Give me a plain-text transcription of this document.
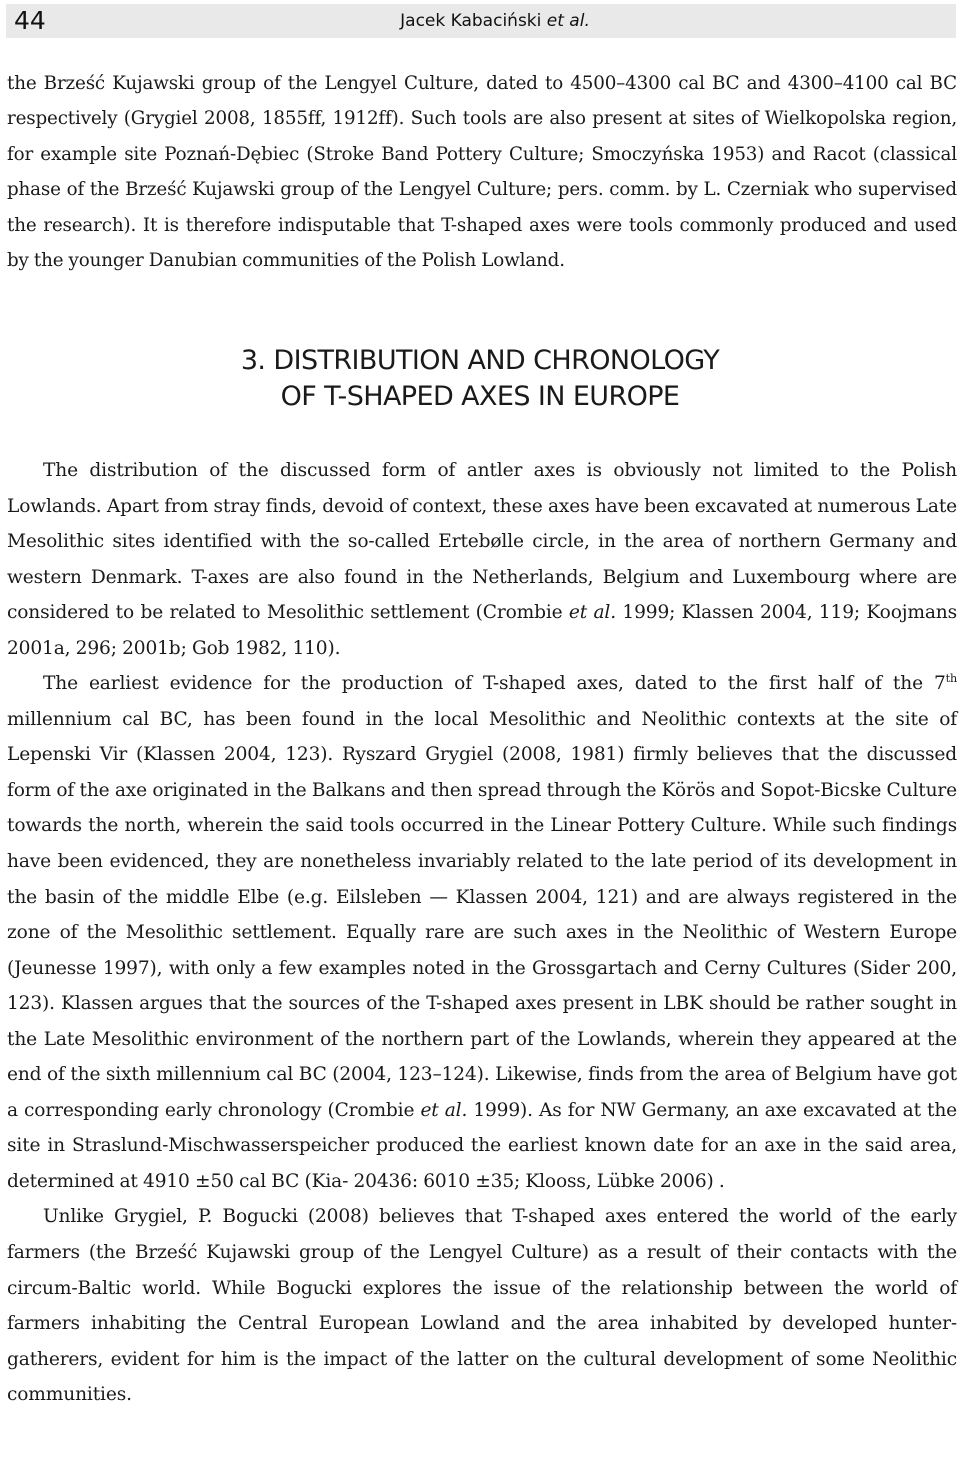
44	Jacek Kabaciński et al.

the Brześć Kujawski group of the Lengyel Culture, dated to 4500–4300 cal BC and 4300–4100 cal BC respectively (Grygiel 2008, 1855ff, 1912ff). Such tools are also present at sites of Wielkopolska region, for example site Poznań-Dębiec (Stroke Band Pottery Culture; Smoczyńska 1953) and Racot (classical phase of the Brześć Kujawski group of the Lengyel Culture; pers. comm. by L. Czerniak who supervised the research). It is therefore indisputable that T-shaped axes were tools commonly produced and used by the younger Danubian communities of the Polish Lowland.

3. DISTRIBUTION AND CHRONOLOGY
OF T-SHAPED AXES IN EUROPE

The distribution of the discussed form of antler axes is obviously not limited to the Polish Lowlands. Apart from stray finds, devoid of context, these axes have been excavated at numerous Late Mesolithic sites identified with the so-called Ertebølle circle, in the area of northern Germany and western Denmark. T-axes are also found in the Netherlands, Belgium and Luxembourg where are considered to be related to Mesolithic settlement (Crombie et al. 1999; Klassen 2004, 119; Koojmans 2001a, 296; 2001b; Gob 1982, 110).

The earliest evidence for the production of T-shaped axes, dated to the first half of the 7th millennium cal BC, has been found in the local Mesolithic and Neolithic contexts at the site of Lepenski Vir (Klassen 2004, 123). Ryszard Grygiel (2008, 1981) firmly believes that the discussed form of the axe originated in the Balkans and then spread through the Körös and Sopot-Bicske Culture towards the north, wherein the said tools occurred in the Linear Pottery Culture. While such findings have been evidenced, they are nonetheless invariably related to the late period of its development in the basin of the middle Elbe (e.g. Eilsleben — Klassen 2004, 121) and are always registered in the zone of the Mesolithic settlement. Equally rare are such axes in the Neolithic of Western Europe (Jeunesse 1997), with only a few examples noted in the Grossgartach and Cerny Cultures (Sider 200, 123). Klassen argues that the sources of the T-shaped axes present in LBK should be rather sought in the Late Mesolithic environment of the northern part of the Lowlands, wherein they appeared at the end of the sixth millennium cal BC (2004, 123–124). Likewise, finds from the area of Belgium have got a corresponding early chronology (Crombie et al. 1999). As for NW Germany, an axe excavated at the site in Straslund-Mischwasserspeicher produced the earliest known date for an axe in the said area, determined at 4910 ±50 cal BC (Kia- 20436: 6010 ±35; Klooss, Lübke 2006) .

Unlike Grygiel, P. Bogucki (2008) believes that T-shaped axes entered the world of the early farmers (the Brześć Kujawski group of the Lengyel Culture) as a result of their contacts with the circum-Baltic world. While Bogucki explores the issue of the relationship between the world of farmers inhabiting the Central European Lowland and the area inhabited by developed hunter-gatherers, evident for him is the impact of the latter on the cultural development of some Neolithic communities.
